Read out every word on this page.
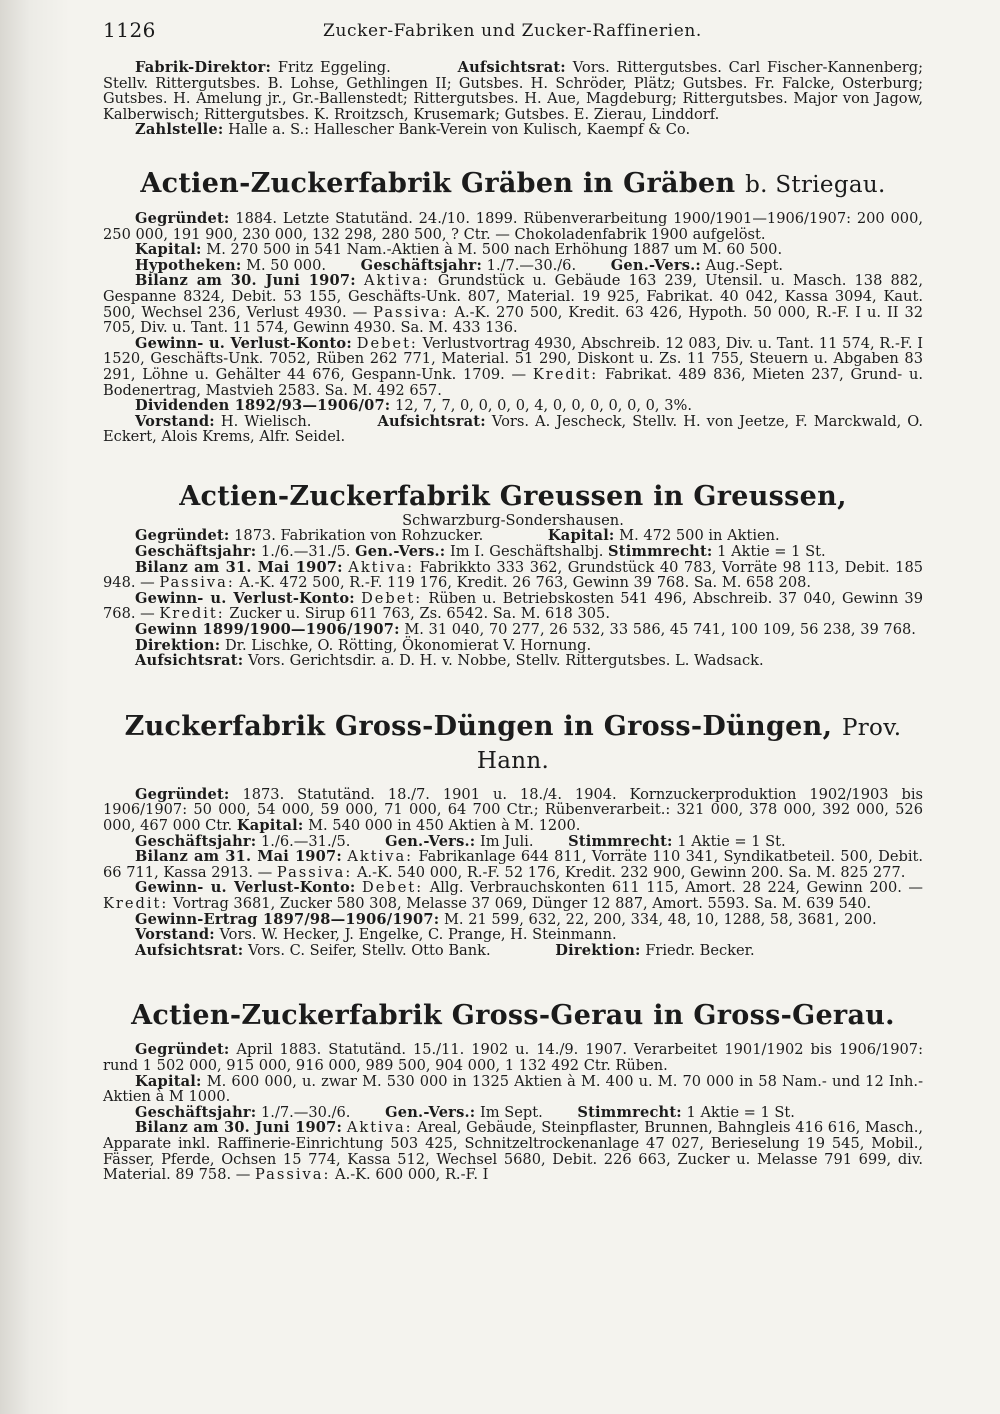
1126	Zucker-Fabriken und Zucker-Raffinerien.

Fabrik-Direktor: Fritz Eggeling.	Aufsichtsrat: Vors. Rittergutsbes. Carl Fischer-Kannenberg; Stellv. Rittergutsbes. B. Lohse, Gethlingen II; Gutsbes. H. Schröder, Plätz; Gutsbes. Fr. Falcke, Osterburg; Gutsbes. H. Amelung jr., Gr.-Ballenstedt; Rittergutsbes. H. Aue, Magdeburg; Rittergutsbes. Major von Jagow, Kalberwisch; Rittergutsbes. K. Rroitzsch, Krusemark; Gutsbes. E. Zierau, Linddorf.

Zahlstelle: Halle a. S.: Hallescher Bank-Verein von Kulisch, Kaempf & Co.

Actien-Zuckerfabrik Gräben in Gräben b. Striegau.

Gegründet: 1884. Letzte Statutänd. 24./10. 1899. Rübenverarbeitung 1900/1901—1906/1907: 200 000, 250 000, 191 900, 230 000, 132 298, 280 500, ? Ctr. — Chokoladenfabrik 1900 aufgelöst.

Kapital: M. 270 500 in 541 Nam.-Aktien à M. 500 nach Erhöhung 1887 um M. 60 500.

Hypotheken: M. 50 000. Geschäftsjahr: 1./7.—30./6. Gen.-Vers.: Aug.-Sept.

Bilanz am 30. Juni 1907: Aktiva: Grundstück u. Gebäude 163 239, Utensil. u. Masch. 138 882, Gespanne 8324, Debit. 53 155, Geschäfts-Unk. 807, Material. 19 925, Fabrikat. 40 042, Kassa 3094, Kaut. 500, Wechsel 236, Verlust 4930. — Passiva: A.-K. 270 500, Kredit. 63 426, Hypoth. 50 000, R.-F. I u. II 32 705, Div. u. Tant. 11 574, Gewinn 4930. Sa. M. 433 136.

Gewinn- u. Verlust-Konto: Debet: Verlustvortrag 4930, Abschreib. 12 083, Div. u. Tant. 11 574, R.-F. I 1520, Geschäfts-Unk. 7052, Rüben 262 771, Material. 51 290, Diskont u. Zs. 11 755, Steuern u. Abgaben 83 291, Löhne u. Gehälter 44 676, Gespann-Unk. 1709. — Kredit: Fabrikat. 489 836, Mieten 237, Grund- u. Bodenertrag, Mastvieh 2583. Sa. M. 492 657.

Dividenden 1892/93—1906/07: 12, 7, 7, 0, 0, 0, 0, 4, 0, 0, 0, 0, 0, 0, 3%.

Vorstand: H. Wielisch.	Aufsichtsrat: Vors. A. Jescheck, Stellv. H. von Jeetze, F. Marckwald, O. Eckert, Alois Krems, Alfr. Seidel.

Actien-Zuckerfabrik Greussen in Greussen,

Schwarzburg-Sondershausen.

Gegründet: 1873. Fabrikation von Rohzucker.	Kapital: M. 472 500 in Aktien.

Geschäftsjahr: 1./6.—31./5. Gen.-Vers.: Im I. Geschäftshalbj. Stimmrecht: 1 Aktie = 1 St.

Bilanz am 31. Mai 1907: Aktiva: Fabrikkto 333 362, Grundstück 40 783, Vorräte 98 113, Debit. 185 948. — Passiva: A.-K. 472 500, R.-F. 119 176, Kredit. 26 763, Gewinn 39 768. Sa. M. 658 208.

Gewinn- u. Verlust-Konto: Debet: Rüben u. Betriebskosten 541 496, Abschreib. 37 040, Gewinn 39 768. — Kredit: Zucker u. Sirup 611 763, Zs. 6542. Sa. M. 618 305.

Gewinn 1899/1900—1906/1907: M. 31 040, 70 277, 26 532, 33 586, 45 741, 100 109, 56 238, 39 768.

Direktion: Dr. Lischke, O. Rötting, Ökonomierat V. Hornung.

Aufsichtsrat: Vors. Gerichtsdir. a. D. H. v. Nobbe, Stellv. Rittergutsbes. L. Wadsack.

Zuckerfabrik Gross-Düngen in Gross-Düngen, Prov. Hann.

Gegründet: 1873. Statutänd. 18./7. 1901 u. 18./4. 1904. Kornzuckerproduktion 1902/1903 bis 1906/1907: 50 000, 54 000, 59 000, 71 000, 64 700 Ctr.; Rübenverarbeit.: 321 000, 378 000, 392 000, 526 000, 467 000 Ctr. Kapital: M. 540 000 in 450 Aktien à M. 1200.

Geschäftsjahr: 1./6.—31./5. Gen.-Vers.: Im Juli. Stimmrecht: 1 Aktie = 1 St.

Bilanz am 31. Mai 1907: Aktiva: Fabrikanlage 644 811, Vorräte 110 341, Syndikatbeteil. 500, Debit. 66 711, Kassa 2913. — Passiva: A.-K. 540 000, R.-F. 52 176, Kredit. 232 900, Gewinn 200. Sa. M. 825 277.

Gewinn- u. Verlust-Konto: Debet: Allg. Verbrauchskonten 611 115, Amort. 28 224, Gewinn 200. — Kredit: Vortrag 3681, Zucker 580 308, Melasse 37 069, Dünger 12 887, Amort. 5593. Sa. M. 639 540.

Gewinn-Ertrag 1897/98—1906/1907: M. 21 599, 632, 22, 200, 334, 48, 10, 1288, 58, 3681, 200.

Vorstand: Vors. W. Hecker, J. Engelke, C. Prange, H. Steinmann.

Aufsichtsrat: Vors. C. Seifer, Stellv. Otto Bank.	Direktion: Friedr. Becker.

Actien-Zuckerfabrik Gross-Gerau in Gross-Gerau.

Gegründet: April 1883. Statutänd. 15./11. 1902 u. 14./9. 1907. Verarbeitet 1901/1902 bis 1906/1907: rund 1 502 000, 915 000, 916 000, 989 500, 904 000, 1 132 492 Ctr. Rüben.

Kapital: M. 600 000, u. zwar M. 530 000 in 1325 Aktien à M. 400 u. M. 70 000 in 58 Nam.- und 12 Inh.-Aktien à M 1000.

Geschäftsjahr: 1./7.—30./6. Gen.-Vers.: Im Sept. Stimmrecht: 1 Aktie = 1 St.

Bilanz am 30. Juni 1907: Aktiva: Areal, Gebäude, Steinpflaster, Brunnen, Bahngleis 416 616, Masch., Apparate inkl. Raffinerie-Einrichtung 503 425, Schnitzeltrockenanlage 47 027, Berieselung 19 545, Mobil., Fässer, Pferde, Ochsen 15 774, Kassa 512, Wechsel 5680, Debit. 226 663, Zucker u. Melasse 791 699, div. Material. 89 758. — Passiva: A.-K. 600 000, R.-F. I
